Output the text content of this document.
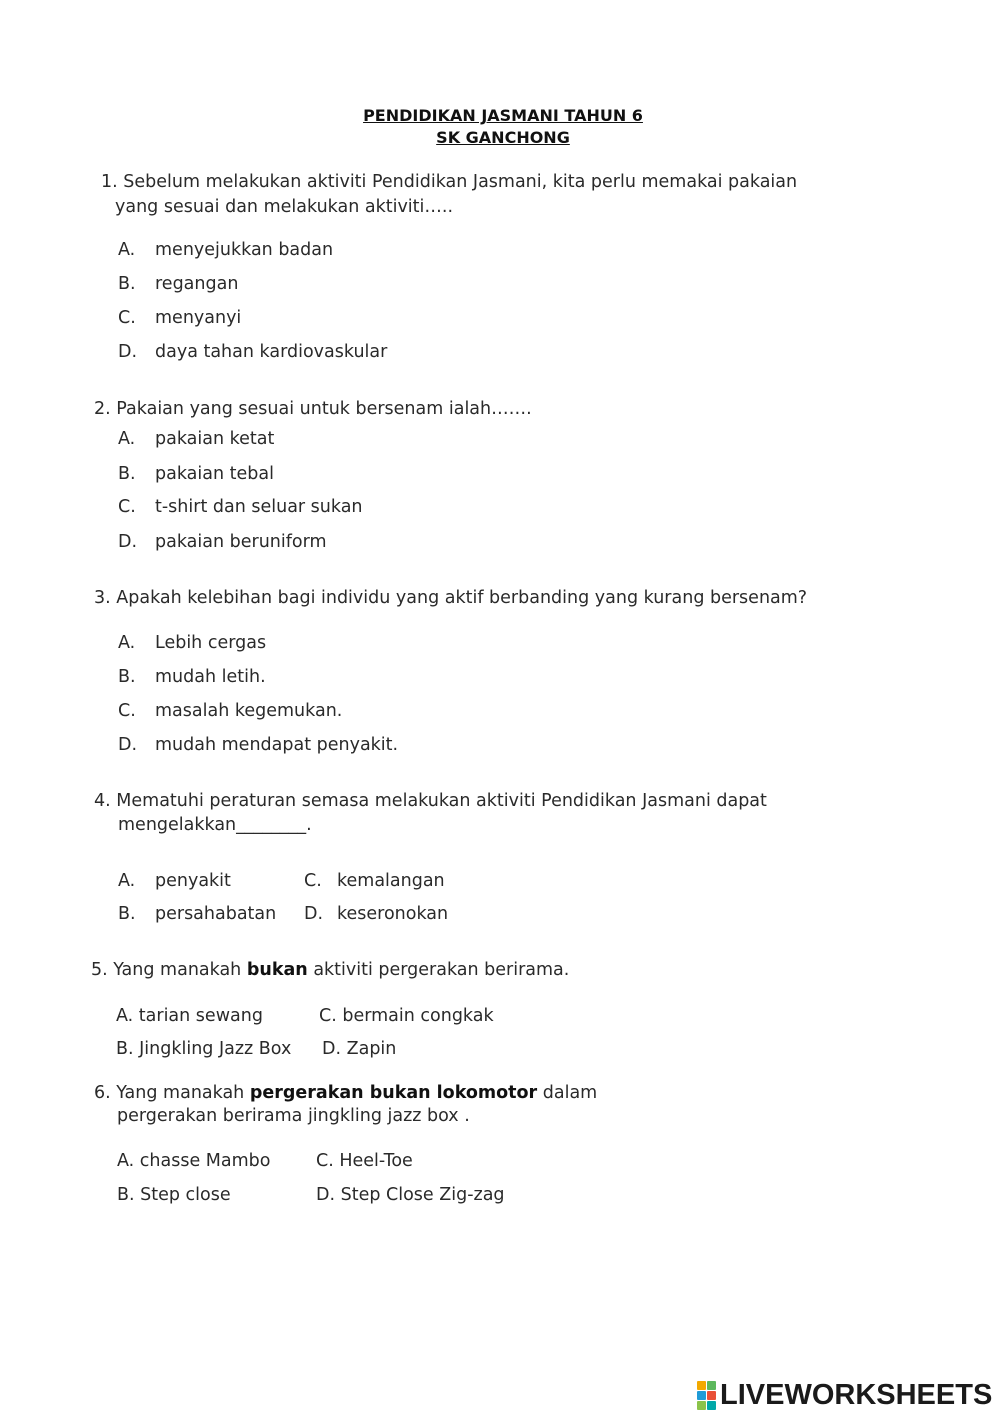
PENDIDIKAN JASMANI TAHUN 6
SK GANCHONG
1. Sebelum melakukan aktiviti Pendidikan Jasmani, kita perlu memakai pakaian
yang sesuai dan melakukan aktiviti…..
A. menyejukkan badan
B. regangan
C. menyanyi
D. daya tahan kardiovaskular
2. Pakaian yang sesuai untuk bersenam ialah…….
A. pakaian ketat
B. pakaian tebal
C. t-shirt dan seluar sukan
D. pakaian beruniform
3. Apakah kelebihan bagi individu yang aktif berbanding yang kurang bersenam?
A. Lebih cergas
B. mudah letih.
C. masalah kegemukan.
D. mudah mendapat penyakit.
4. Mematuhi peraturan semasa melakukan aktiviti Pendidikan Jasmani dapat
mengelakkan________.
A. penyakit	C. kemalangan
B. persahabatan D. keseronokan
5. Yang manakah bukan aktiviti pergerakan berirama.
A. tarian sewang	C. bermain congkak
B. Jingkling Jazz Box D. Zapin
6. Yang manakah pergerakan bukan lokomotor dalam
pergerakan berirama jingkling jazz box .
A. chasse Mambo	C. Heel-Toe
B. Step close	D. Step Close Zig-zag
LIVEWORKSHEETS
